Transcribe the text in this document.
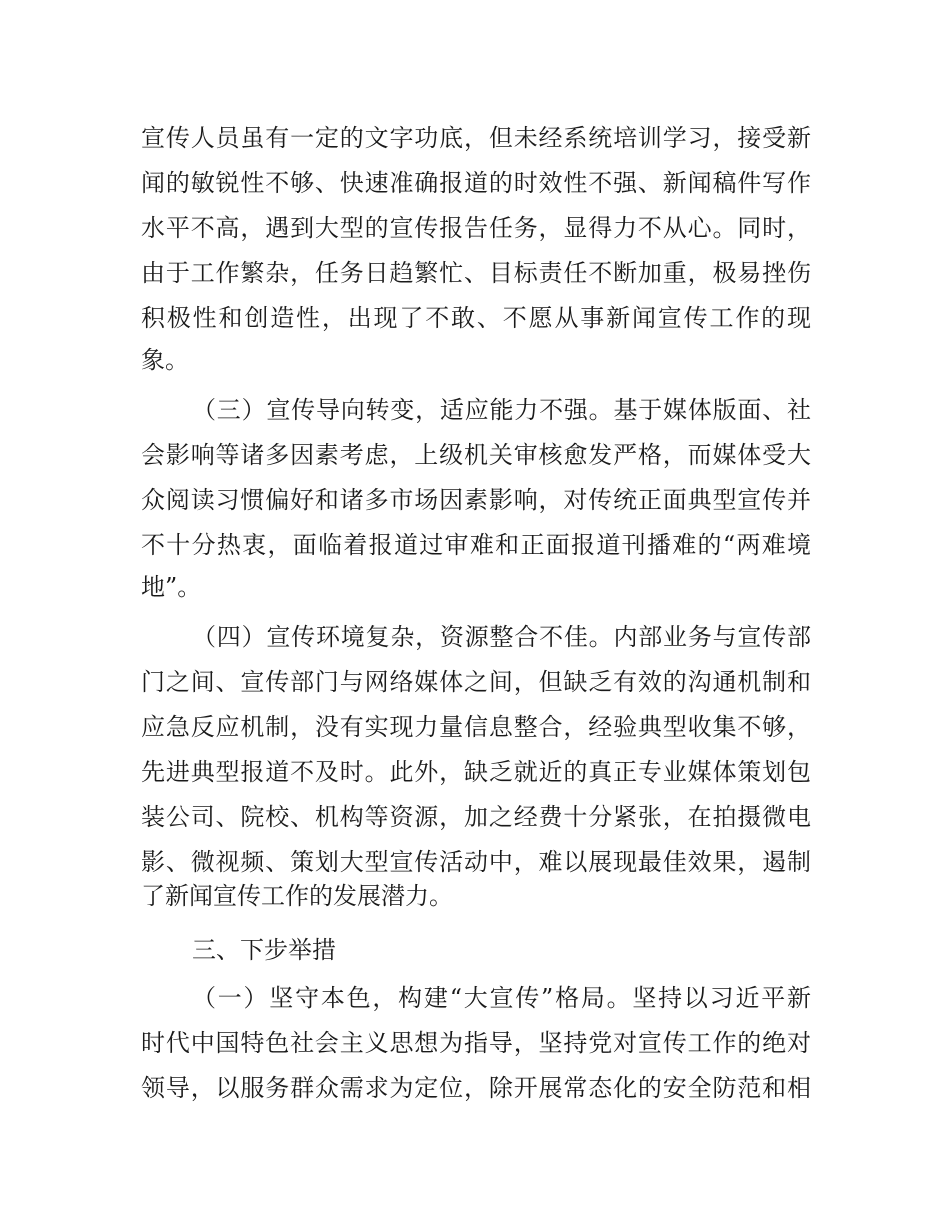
宣传人员虽有一定的文字功底，但未经系统培训学习，接受新
闻的敏锐性不够、快速准确报道的时效性不强、新闻稿件写作
水平不高，遇到大型的宣传报告任务，显得力不从心。同时，
由于工作繁杂，任务日趋繁忙、目标责任不断加重，极易挫伤
积极性和创造性，出现了不敢、不愿从事新闻宣传工作的现
象。
（三）宣传导向转变，适应能力不强。基于媒体版面、社
会影响等诸多因素考虑，上级机关审核愈发严格，而媒体受大
众阅读习惯偏好和诸多市场因素影响，对传统正面典型宣传并
不十分热衷，面临着报道过审难和正面报道刊播难的“两难境
地”。
（四）宣传环境复杂，资源整合不佳。内部业务与宣传部
门之间、宣传部门与网络媒体之间，但缺乏有效的沟通机制和
应急反应机制，没有实现力量信息整合，经验典型收集不够，
先进典型报道不及时。此外，缺乏就近的真正专业媒体策划包
装公司、院校、机构等资源，加之经费十分紧张，在拍摄微电
影、微视频、策划大型宣传活动中，难以展现最佳效果，遏制
了新闻宣传工作的发展潜力。
三、下步举措
（一）坚守本色，构建“大宣传”格局。坚持以习近平新
时代中国特色社会主义思想为指导，坚持党对宣传工作的绝对
领导，以服务群众需求为定位，除开展常态化的安全防范和相
